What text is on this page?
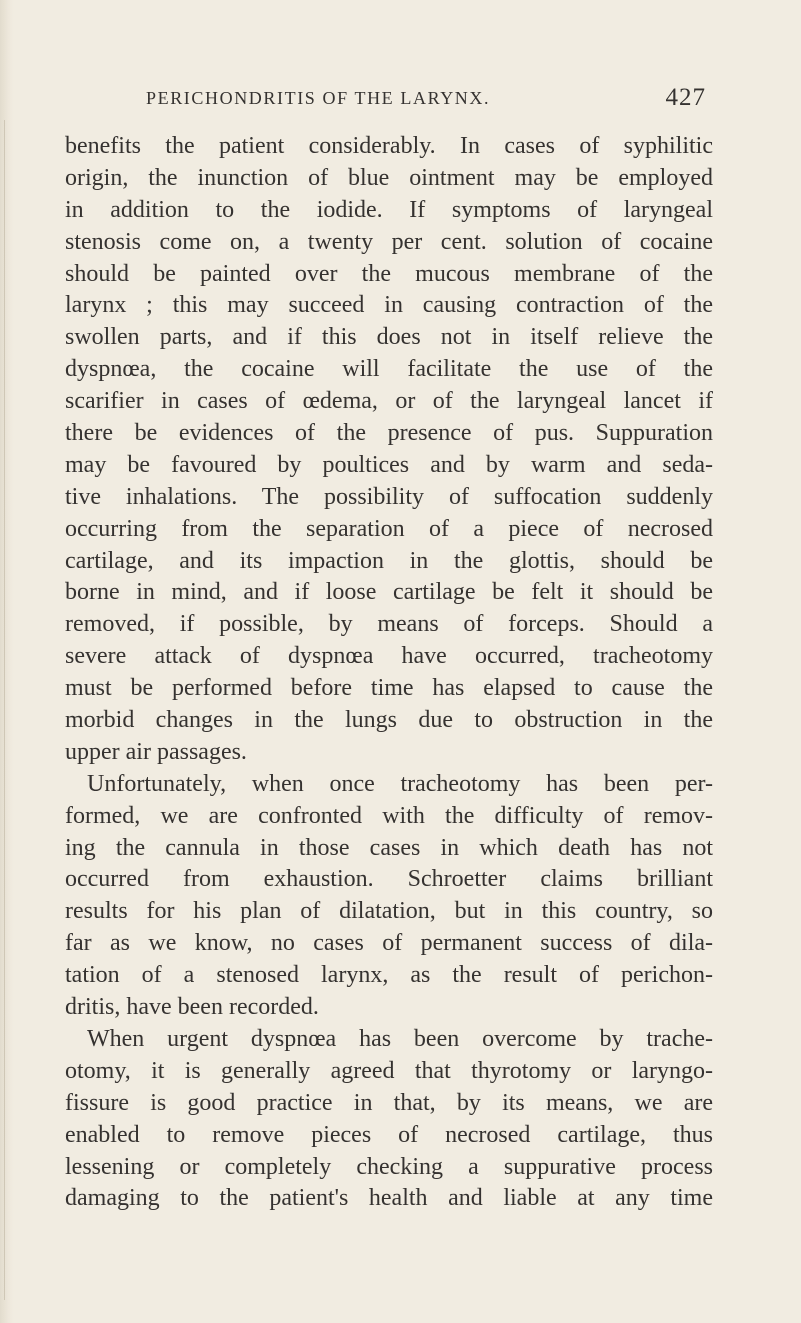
PERICHONDRITIS OF THE LARYNX.	427
benefits the patient considerably. In cases of syphilitic
origin, the inunction of blue ointment may be employed
in addition to the iodide. If symptoms of laryngeal
stenosis come on, a twenty per cent. solution of cocaine
should be painted over the mucous membrane of the
larynx ; this may succeed in causing contraction of the
swollen parts, and if this does not in itself relieve the
dyspnœa, the cocaine will facilitate the use of the
scarifier in cases of œdema, or of the laryngeal lancet if
there be evidences of the presence of pus. Suppuration
may be favoured by poultices and by warm and seda-
tive inhalations. The possibility of suffocation suddenly
occurring from the separation of a piece of necrosed
cartilage, and its impaction in the glottis, should be
borne in mind, and if loose cartilage be felt it should be
removed, if possible, by means of forceps. Should a
severe attack of dyspnœa have occurred, tracheotomy
must be performed before time has elapsed to cause the
morbid changes in the lungs due to obstruction in the
upper air passages.
Unfortunately, when once tracheotomy has been per-
formed, we are confronted with the difficulty of remov-
ing the cannula in those cases in which death has not
occurred from exhaustion. Schroetter claims brilliant
results for his plan of dilatation, but in this country, so
far as we know, no cases of permanent success of dila-
tation of a stenosed larynx, as the result of perichon-
dritis, have been recorded.
When urgent dyspnœa has been overcome by trache-
otomy, it is generally agreed that thyrotomy or laryngo-
fissure is good practice in that, by its means, we are
enabled to remove pieces of necrosed cartilage, thus
lessening or completely checking a suppurative process
damaging to the patient's health and liable at any time
